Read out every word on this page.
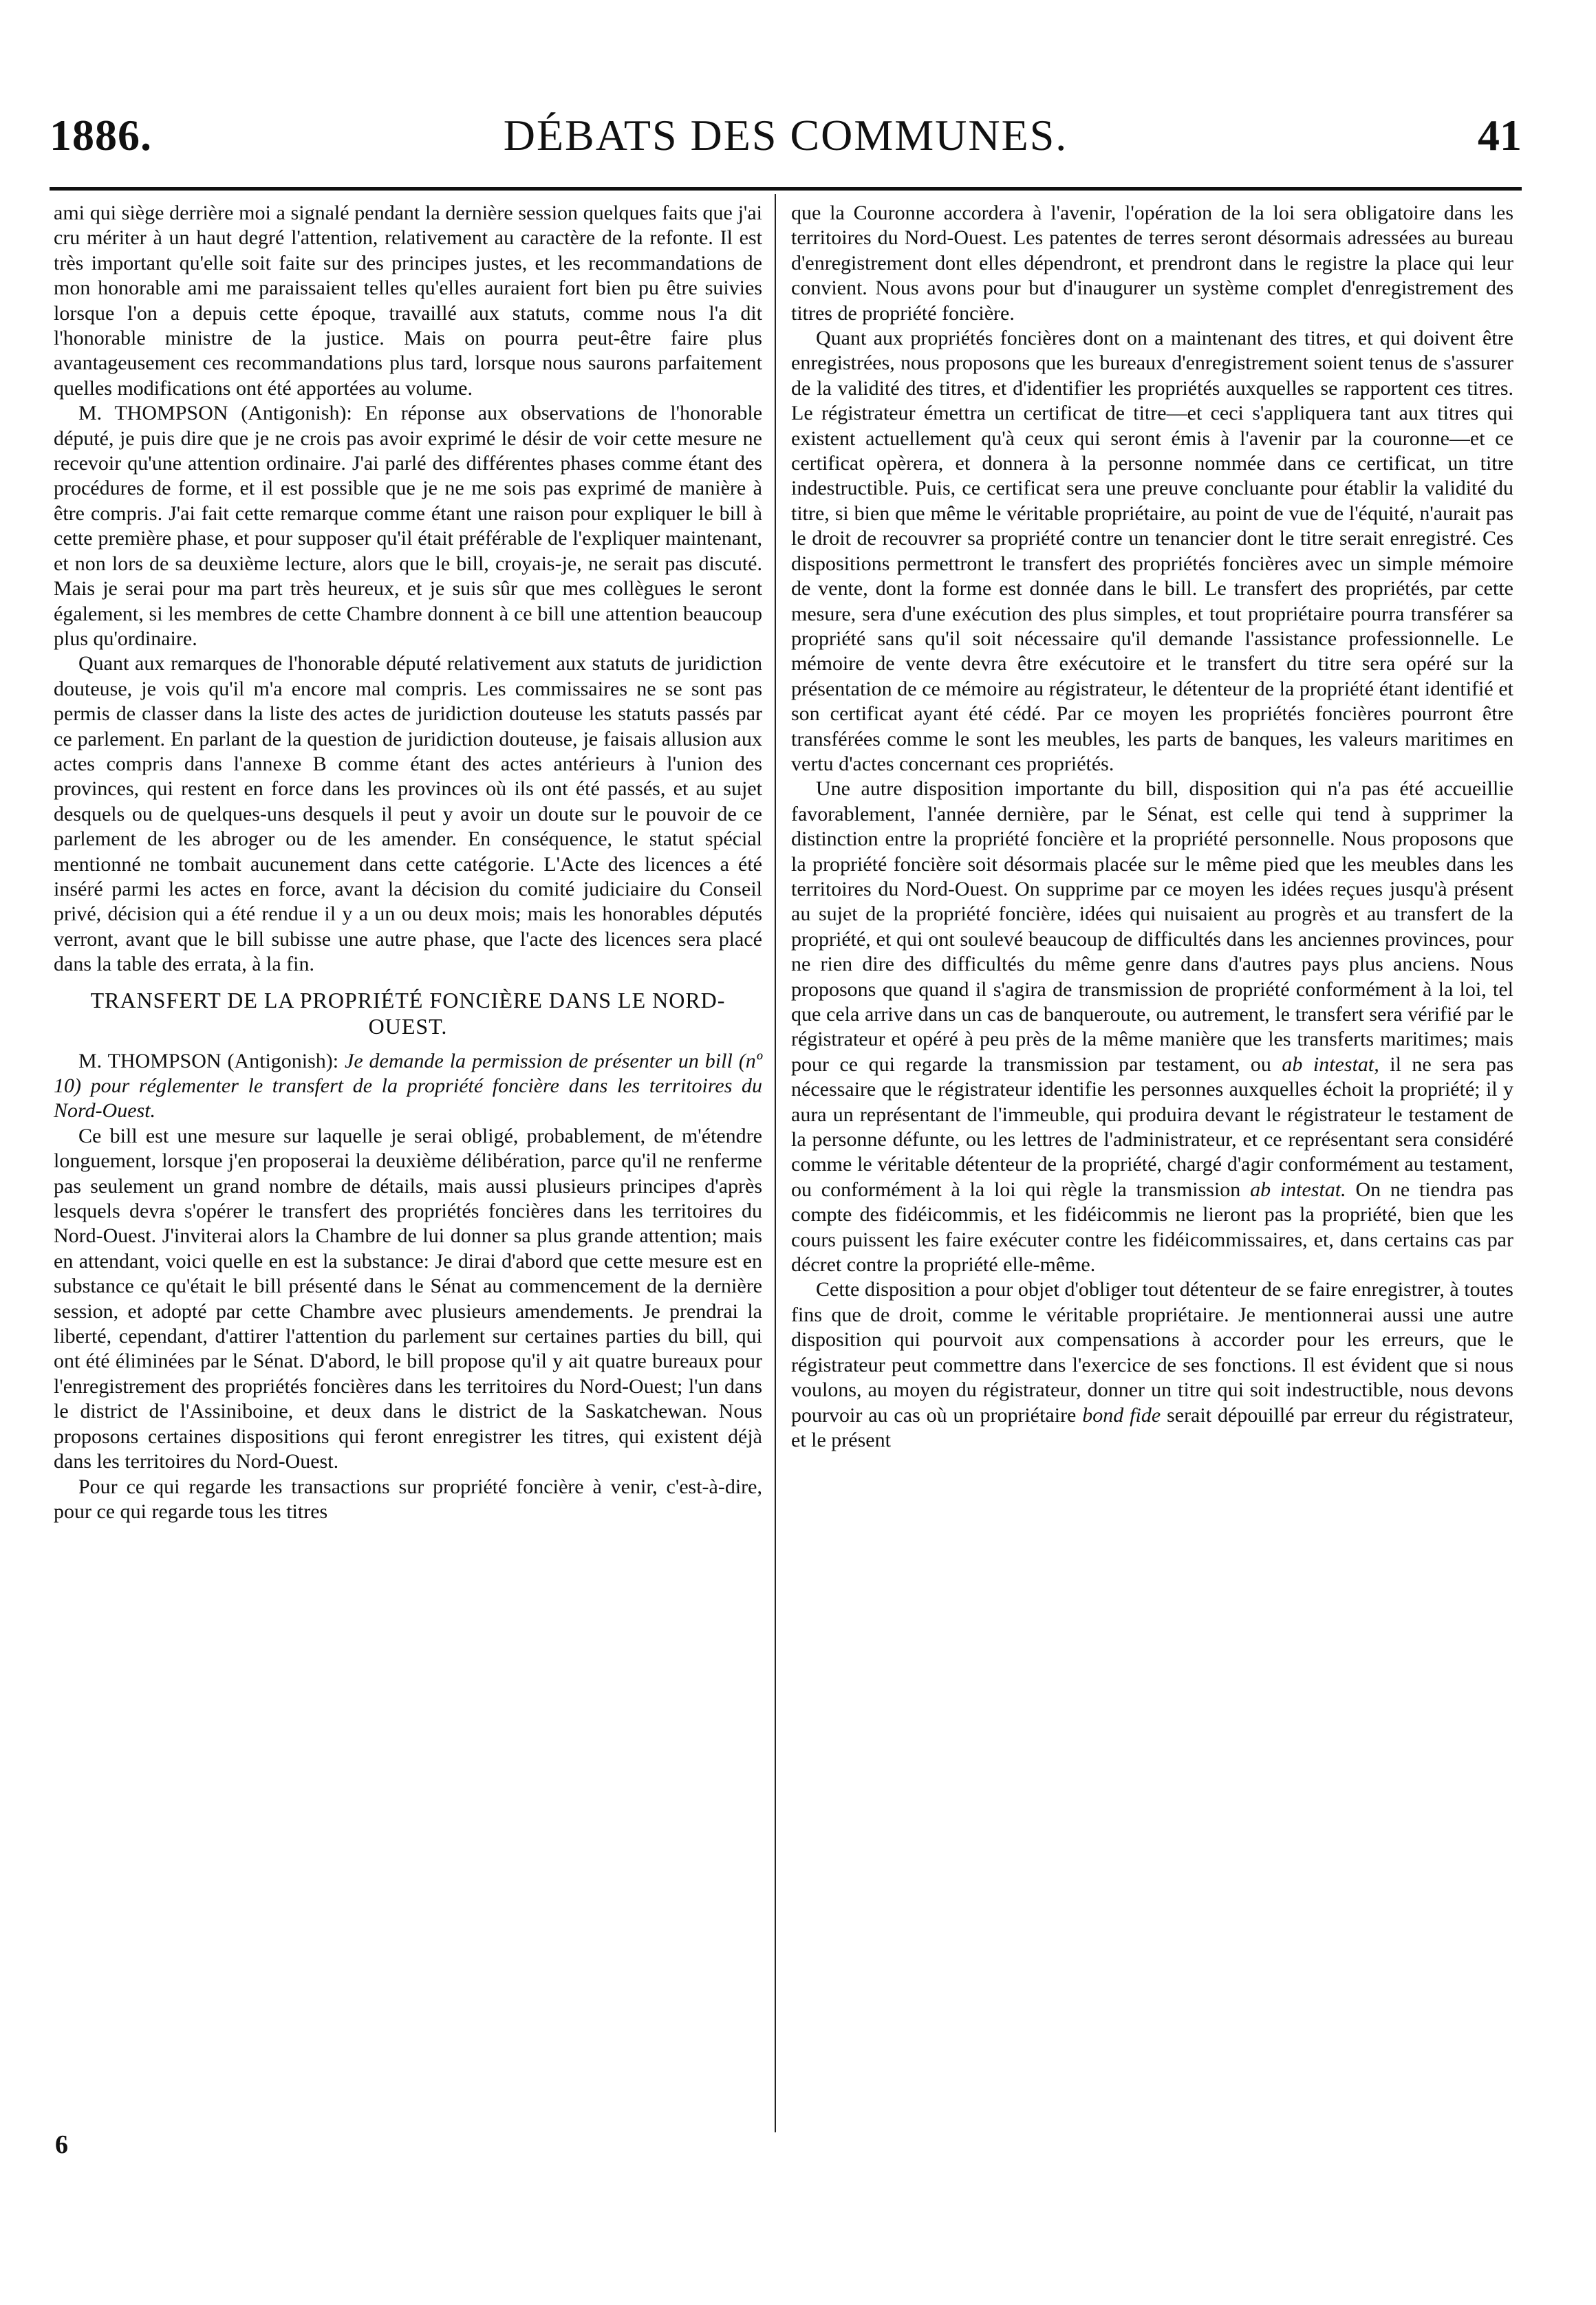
1886.	DÉBATS DES COMMUNES.	41

ami qui siège derrière moi a signalé pendant la dernière session quelques faits que j'ai cru mériter à un haut degré l'attention, relativement au caractère de la refonte. Il est très important qu'elle soit faite sur des principes justes, et les recommandations de mon honorable ami me paraissaient telles qu'elles auraient fort bien pu être suivies lorsque l'on a depuis cette époque, travaillé aux statuts, comme nous l'a dit l'honorable ministre de la justice. Mais on pourra peut-être faire plus avantageusement ces recommandations plus tard, lorsque nous saurons parfaitement quelles modifications ont été apportées au volume.

M. THOMPSON (Antigonish): En réponse aux observations de l'honorable député, je puis dire que je ne crois pas avoir exprimé le désir de voir cette mesure ne recevoir qu'une attention ordinaire. J'ai parlé des différentes phases comme étant des procédures de forme, et il est possible que je ne me sois pas exprimé de manière à être compris. J'ai fait cette remarque comme étant une raison pour expliquer le bill à cette première phase, et pour supposer qu'il était préférable de l'expliquer maintenant, et non lors de sa deuxième lecture, alors que le bill, croyais-je, ne serait pas discuté. Mais je serai pour ma part très heureux, et je suis sûr que mes collègues le seront également, si les membres de cette Chambre donnent à ce bill une attention beaucoup plus qu'ordinaire.

Quant aux remarques de l'honorable député relativement aux statuts de juridiction douteuse, je vois qu'il m'a encore mal compris. Les commissaires ne se sont pas permis de classer dans la liste des actes de juridiction douteuse les statuts passés par ce parlement. En parlant de la question de juridiction douteuse, je faisais allusion aux actes compris dans l'annexe B comme étant des actes antérieurs à l'union des provinces, qui restent en force dans les provinces où ils ont été passés, et au sujet desquels ou de quelques-uns desquels il peut y avoir un doute sur le pouvoir de ce parlement de les abroger ou de les amender. En conséquence, le statut spécial mentionné ne tombait aucunement dans cette catégorie. L'Acte des licences a été inséré parmi les actes en force, avant la décision du comité judiciaire du Conseil privé, décision qui a été rendue il y a un ou deux mois; mais les honorables députés verront, avant que le bill subisse une autre phase, que l'acte des licences sera placé dans la table des errata, à la fin.

TRANSFERT DE LA PROPRIÉTÉ FONCIÈRE DANS LE NORD-OUEST.

M. THOMPSON (Antigonish): Je demande la permission de présenter un bill (nº 10) pour réglementer le transfert de la propriété foncière dans les territoires du Nord-Ouest.

Ce bill est une mesure sur laquelle je serai obligé, probablement, de m'étendre longuement, lorsque j'en proposerai la deuxième délibération, parce qu'il ne renferme pas seulement un grand nombre de détails, mais aussi plusieurs principes d'après lesquels devra s'opérer le transfert des propriétés foncières dans les territoires du Nord-Ouest. J'inviterai alors la Chambre de lui donner sa plus grande attention; mais en attendant, voici quelle en est la substance: Je dirai d'abord que cette mesure est en substance ce qu'était le bill présenté dans le Sénat au commencement de la dernière session, et adopté par cette Chambre avec plusieurs amendements. Je prendrai la liberté, cependant, d'attirer l'attention du parlement sur certaines parties du bill, qui ont été éliminées par le Sénat. D'abord, le bill propose qu'il y ait quatre bureaux pour l'enregistrement des propriétés foncières dans les territoires du Nord-Ouest; l'un dans le district de l'Assiniboine, et deux dans le district de la Saskatchewan. Nous proposons certaines dispositions qui feront enregistrer les titres, qui existent déjà dans les territoires du Nord-Ouest.

Pour ce qui regarde les transactions sur propriété foncière à venir, c'est-à-dire, pour ce qui regarde tous les titres

que la Couronne accordera à l'avenir, l'opération de la loi sera obligatoire dans les territoires du Nord-Ouest. Les patentes de terres seront désormais adressées au bureau d'enregistrement dont elles dépendront, et prendront dans le registre la place qui leur convient. Nous avons pour but d'inaugurer un système complet d'enregistrement des titres de propriété foncière.

Quant aux propriétés foncières dont on a maintenant des titres, et qui doivent être enregistrées, nous proposons que les bureaux d'enregistrement soient tenus de s'assurer de la validité des titres, et d'identifier les propriétés auxquelles se rapportent ces titres. Le régistrateur émettra un certificat de titre—et ceci s'appliquera tant aux titres qui existent actuellement qu'à ceux qui seront émis à l'avenir par la couronne—et ce certificat opèrera, et donnera à la personne nommée dans ce certificat, un titre indestructible. Puis, ce certificat sera une preuve concluante pour établir la validité du titre, si bien que même le véritable propriétaire, au point de vue de l'équité, n'aurait pas le droit de recouvrer sa propriété contre un tenancier dont le titre serait enregistré. Ces dispositions permettront le transfert des propriétés foncières avec un simple mémoire de vente, dont la forme est donnée dans le bill. Le transfert des propriétés, par cette mesure, sera d'une exécution des plus simples, et tout propriétaire pourra transférer sa propriété sans qu'il soit nécessaire qu'il demande l'assistance professionnelle. Le mémoire de vente devra être exécutoire et le transfert du titre sera opéré sur la présentation de ce mémoire au régistrateur, le détenteur de la propriété étant identifié et son certificat ayant été cédé. Par ce moyen les propriétés foncières pourront être transférées comme le sont les meubles, les parts de banques, les valeurs maritimes en vertu d'actes concernant ces propriétés.

Une autre disposition importante du bill, disposition qui n'a pas été accueillie favorablement, l'année dernière, par le Sénat, est celle qui tend à supprimer la distinction entre la propriété foncière et la propriété personnelle. Nous proposons que la propriété foncière soit désormais placée sur le même pied que les meubles dans les territoires du Nord-Ouest. On supprime par ce moyen les idées reçues jusqu'à présent au sujet de la propriété foncière, idées qui nuisaient au progrès et au transfert de la propriété, et qui ont soulevé beaucoup de difficultés dans les anciennes provinces, pour ne rien dire des difficultés du même genre dans d'autres pays plus anciens. Nous proposons que quand il s'agira de transmission de propriété conformément à la loi, tel que cela arrive dans un cas de banqueroute, ou autrement, le transfert sera vérifié par le régistrateur et opéré à peu près de la même manière que les transferts maritimes; mais pour ce qui regarde la transmission par testament, ou ab intestat, il ne sera pas nécessaire que le régistrateur identifie les personnes auxquelles échoit la propriété; il y aura un représentant de l'immeuble, qui produira devant le régistrateur le testament de la personne défunte, ou les lettres de l'administrateur, et ce représentant sera considéré comme le véritable détenteur de la propriété, chargé d'agir conformément au testament, ou conformément à la loi qui règle la transmission ab intestat. On ne tiendra pas compte des fidéicommis, et les fidéicommis ne lieront pas la propriété, bien que les cours puissent les faire exécuter contre les fidéicommissaires, et, dans certains cas par décret contre la propriété elle-même.

Cette disposition a pour objet d'obliger tout détenteur de se faire enregistrer, à toutes fins que de droit, comme le véritable propriétaire. Je mentionnerai aussi une autre disposition qui pourvoit aux compensations à accorder pour les erreurs, que le régistrateur peut commettre dans l'exercice de ses fonctions. Il est évident que si nous voulons, au moyen du régistrateur, donner un titre qui soit indestructible, nous devons pourvoir au cas où un propriétaire bond fide serait dépouillé par erreur du régistrateur, et le présent

6
